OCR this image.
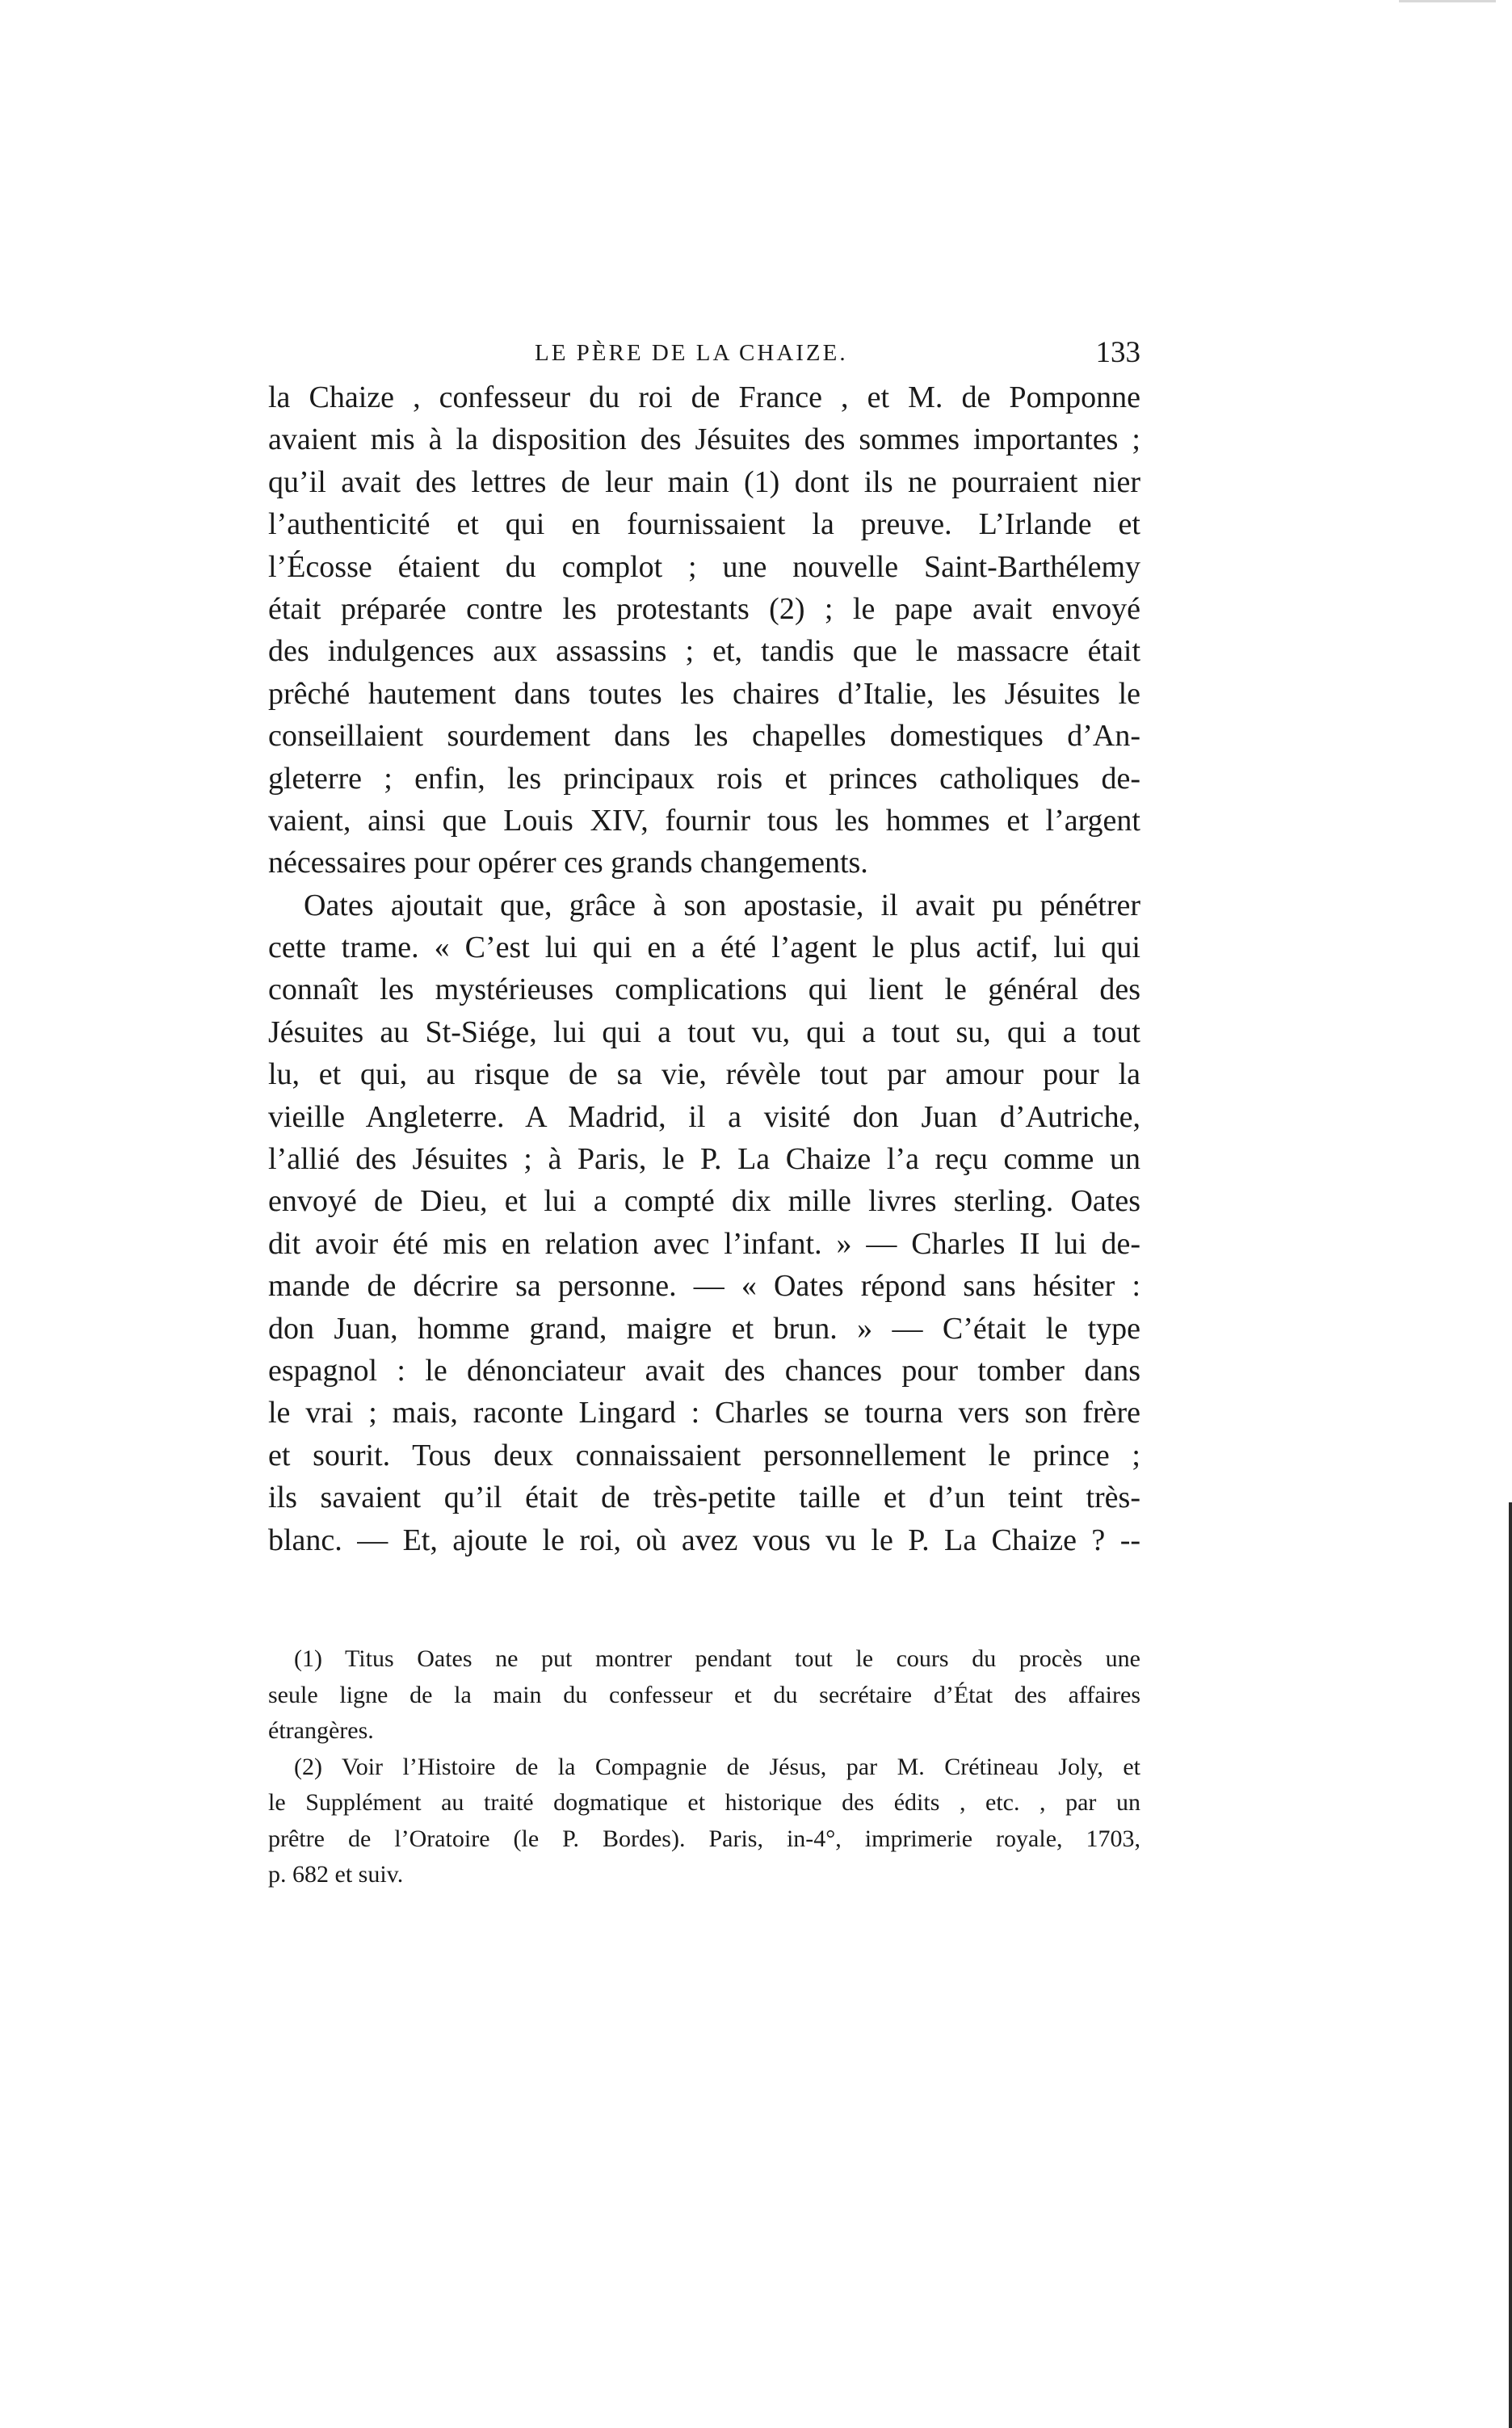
LE PÈRE DE LA CHAIZE.	133
la Chaize , confesseur du roi de France , et M. de Pomponne
avaient mis à la disposition des Jésuites des sommes importantes ;
qu’il avait des lettres de leur main (1) dont ils ne pourraient nier
l’authenticité et qui en fournissaient la preuve. L’Irlande et
l’Écosse étaient du complot ; une nouvelle Saint-Barthélemy
était préparée contre les protestants (2) ; le pape avait envoyé
des indulgences aux assassins ; et, tandis que le massacre était
prêché hautement dans toutes les chaires d’Italie, les Jésuites le
conseillaient sourdement dans les chapelles domestiques d’An-
gleterre ; enfin, les principaux rois et princes catholiques de-
vaient, ainsi que Louis XIV, fournir tous les hommes et l’argent
nécessaires pour opérer ces grands changements.
Oates ajoutait que, grâce à son apostasie, il avait pu pénétrer
cette trame. « C’est lui qui en a été l’agent le plus actif, lui qui
connaît les mystérieuses complications qui lient le général des
Jésuites au St-Siége, lui qui a tout vu, qui a tout su, qui a tout
lu, et qui, au risque de sa vie, révèle tout par amour pour la
vieille Angleterre. A Madrid, il a visité don Juan d’Autriche,
l’allié des Jésuites ; à Paris, le P. La Chaize l’a reçu comme un
envoyé de Dieu, et lui a compté dix mille livres sterling. Oates
dit avoir été mis en relation avec l’infant. » — Charles II lui de-
mande de décrire sa personne. — « Oates répond sans hésiter :
don Juan, homme grand, maigre et brun. » — C’était le type
espagnol : le dénonciateur avait des chances pour tomber dans
le vrai ; mais, raconte Lingard : Charles se tourna vers son frère
et sourit. Tous deux connaissaient personnellement le prince ;
ils savaient qu’il était de très-petite taille et d’un teint très-
blanc. — Et, ajoute le roi, où avez vous vu le P. La Chaize ? --
(1) Titus Oates ne put montrer pendant tout le cours du procès une
seule ligne de la main du confesseur et du secrétaire d’État des affaires
étrangères.
(2) Voir l’Histoire de la Compagnie de Jésus, par M. Crétineau Joly, et
le Supplément au traité dogmatique et historique des édits , etc. , par un
prêtre de l’Oratoire (le P. Bordes). Paris, in-4°, imprimerie royale, 1703,
p. 682 et suiv.
